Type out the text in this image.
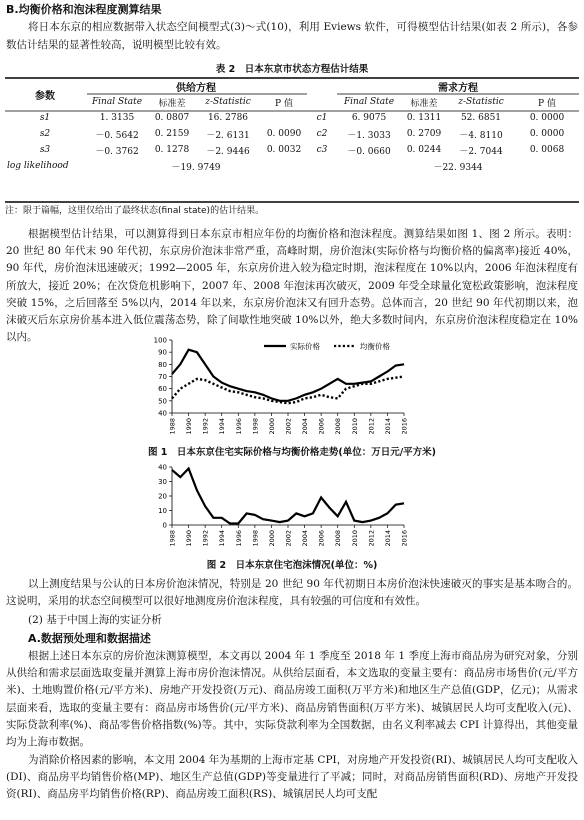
B.均衡价格和泡沫程度测算结果
将日本东京的相应数据带入状态空间模型式(3)～式(10)，利用 Eviews 软件，可得模型估计结果(如表 2 所示)，各参数估计结果的显著性较高，说明模型比较有效。
表 2　日本东京市状态方程估计结果
参数	供给方程					需求方程			
	Final State	标准差	z-Statistic	P 值		Final State	标准差	z-Statistic	P 值
s1	1. 3135	0. 0807	16. 2786		c1	6. 9075	0. 1311	52. 6851	0. 0000
s2	－0. 5642	0. 2159	－2. 6131	0. 0090	c2	－1. 3033	0. 2709	－4. 8110	0. 0000
s3	－0. 3762	0. 1278	－2. 9446	0. 0032	c3	－0. 0660	0. 0244	－2. 7044	0. 0068
log likelihood	－19. 9749					－22. 9344			
注：限于篇幅，这里仅给出了最终状态(final state)的估计结果。
根据模型估计结果，可以测算得到日本东京市相应年份的均衡价格和泡沫程度。测算结果如图 1、图 2 所示。表明：20 世纪 80 年代末 90 年代初，东京房价泡沫非常严重，高峰时期，房价泡沫(实际价格与均衡价格的偏离率)接近 40%，90 年代，房价泡沫迅速破灭；1992—2005 年，东京房价进入较为稳定时期，泡沫程度在 10%以内，2006 年泡沫程度有所放大，接近 20%；在次贷危机影响下，2007 年、2008 年泡沫再次破灭，2009 年受全球量化宽松政策影响，泡沫程度突破 15%，之后回落至 5%以内，2014 年以来，东京房价泡沫又有回升态势。总体而言，20 世纪 90 年代初期以来，泡沫破灭后东京房价基本进入低位震荡态势，除了间歇性地突破 10%以外，绝大多数时间内，东京房价泡沫程度稳定在 10%以内。
40
50
60
70
80
90
100
1988 1990 1992 1994 1996 1998 2000 2002 2004 2006 2008 2010 2012 2014 2016
实际价格	均衡价格
图 1　日本东京住宅实际价格与均衡价格走势(单位：万日元/平方米)
0
10
20
30
40
1988 1990 1992 1994 1996 1998 2000 2002 2004 2006 2008 2010 2012 2014 2016
图 2　日本东京住宅泡沫情况(单位：%)
以上测度结果与公认的日本房价泡沫情况，特别是 20 世纪 90 年代初期日本房价泡沫快速破灭的事实是基本吻合的。这说明，采用的状态空间模型可以很好地测度房价泡沫程度，具有较强的可信度和有效性。
(2) 基于中国上海的实证分析
A.数据预处理和数据描述
根据上述日本东京的房价泡沫测算模型，本文再以 2004 年 1 季度至 2018 年 1 季度上海市商品房为研究对象，分别从供给和需求层面选取变量并测算上海市房价泡沫情况。从供给层面看，本文选取的变量主要有：商品房市场售价(元/平方米)、土地购置价格(元/平方米)、房地产开发投资(万元)、商品房竣工面积(万平方米)和地区生产总值(GDP，亿元)；从需求层面来看，选取的变量主要有：商品房市场售价(元/平方米)、商品房销售面积(万平方米)、城镇居民人均可支配收入(元)、实际贷款利率(%)、商品零售价格指数(%)等。其中，实际贷款利率为全国数据，由名义利率减去 CPI 计算得出，其他变量均为上海市数据。
为消除价格因素的影响，本文用 2004 年为基期的上海市定基 CPI，对房地产开发投资(RI)、城镇居民人均可支配收入(DI)、商品房平均销售价格(MP)、地区生产总值(GDP)等变量进行了平减；同时，对商品房销售面积(RD)、房地产开发投资(RI)、商品房平均销售价格(RP)、商品房竣工面积(RS)、城镇居民人均可支配
